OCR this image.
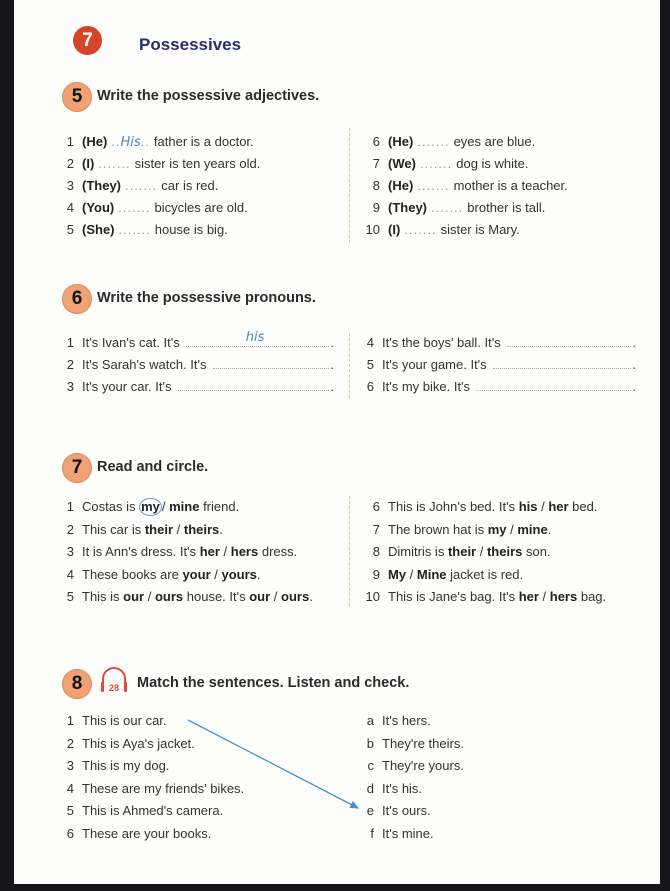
7	Possessives
5	Write the possessive adjectives.
1 (He) ..His.. father is a doctor.
2 (I) ....... sister is ten years old.
3 (They) ....... car is red.
4 (You) ....... bicycles are old.
5 (She) ....... house is big.
6 (He) ....... eyes are blue.
7 (We) ....... dog is white.
8 (He) ....... mother is a teacher.
9 (They) ....... brother is tall.
10 (I) ....... sister is Mary.
6	Write the possessive pronouns.
1 It's Ivan's cat. It's	his	.
2 It's Sarah's watch. It's	.
3 It's your car. It's	.
4 It's the boys' ball. It's	.
5 It's your game. It's	.
6 It's my bike. It's	.
7	Read and circle.
1 Costas is my / mine friend.
2 This car is their / theirs.
3 It is Ann's dress. It's her / hers dress.
4 These books are your / yours.
5 This is our / ours house. It's our / ours.
6 This is John's bed. It's his / her bed.
7 The brown hat is my / mine.
8 Dimitris is their / theirs son.
9 My / Mine jacket is red.
10 This is Jane's bag. It's her / hers bag.
8	28 Match the sentences. Listen and check.
1 This is our car.
2 This is Aya's jacket.
3 This is my dog.
4 These are my friends' bikes.
5 This is Ahmed's camera.
6 These are your books.
a It's hers.
b They're theirs.
c They're yours.
d It's his.
e It's ours.
f It's mine.
